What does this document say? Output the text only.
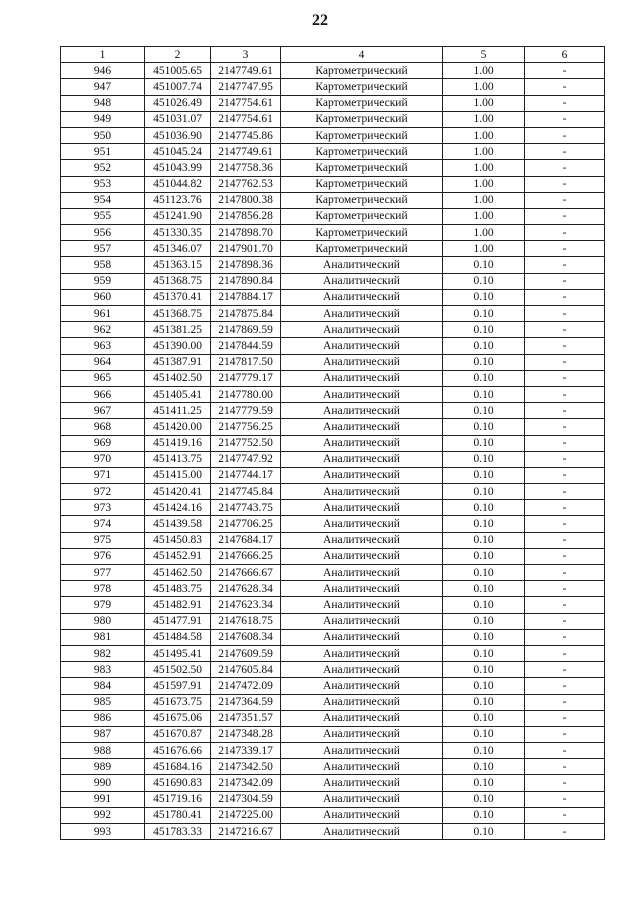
22
1	2	3	4	5	6
946	451005.65	2147749.61	Картометрический	1.00	-
947	451007.74	2147747.95	Картометрический	1.00	-
948	451026.49	2147754.61	Картометрический	1.00	-
949	451031.07	2147754.61	Картометрический	1.00	-
950	451036.90	2147745.86	Картометрический	1.00	-
951	451045.24	2147749.61	Картометрический	1.00	-
952	451043.99	2147758.36	Картометрический	1.00	-
953	451044.82	2147762.53	Картометрический	1.00	-
954	451123.76	2147800.38	Картометрический	1.00	-
955	451241.90	2147856.28	Картометрический	1.00	-
956	451330.35	2147898.70	Картометрический	1.00	-
957	451346.07	2147901.70	Картометрический	1.00	-
958	451363.15	2147898.36	Аналитический	0.10	-
959	451368.75	2147890.84	Аналитический	0.10	-
960	451370.41	2147884.17	Аналитический	0.10	-
961	451368.75	2147875.84	Аналитический	0.10	-
962	451381.25	2147869.59	Аналитический	0.10	-
963	451390.00	2147844.59	Аналитический	0.10	-
964	451387.91	2147817.50	Аналитический	0.10	-
965	451402.50	2147779.17	Аналитический	0.10	-
966	451405.41	2147780.00	Аналитический	0.10	-
967	451411.25	2147779.59	Аналитический	0.10	-
968	451420.00	2147756.25	Аналитический	0.10	-
969	451419.16	2147752.50	Аналитический	0.10	-
970	451413.75	2147747.92	Аналитический	0.10	-
971	451415.00	2147744.17	Аналитический	0.10	-
972	451420.41	2147745.84	Аналитический	0.10	-
973	451424.16	2147743.75	Аналитический	0.10	-
974	451439.58	2147706.25	Аналитический	0.10	-
975	451450.83	2147684.17	Аналитический	0.10	-
976	451452.91	2147666.25	Аналитический	0.10	-
977	451462.50	2147666.67	Аналитический	0.10	-
978	451483.75	2147628.34	Аналитический	0.10	-
979	451482.91	2147623.34	Аналитический	0.10	-
980	451477.91	2147618.75	Аналитический	0.10	-
981	451484.58	2147608.34	Аналитический	0.10	-
982	451495.41	2147609.59	Аналитический	0.10	-
983	451502.50	2147605.84	Аналитический	0.10	-
984	451597.91	2147472.09	Аналитический	0.10	-
985	451673.75	2147364.59	Аналитический	0.10	-
986	451675.06	2147351.57	Аналитический	0.10	-
987	451670.87	2147348.28	Аналитический	0.10	-
988	451676.66	2147339.17	Аналитический	0.10	-
989	451684.16	2147342.50	Аналитический	0.10	-
990	451690.83	2147342.09	Аналитический	0.10	-
991	451719.16	2147304.59	Аналитический	0.10	-
992	451780.41	2147225.00	Аналитический	0.10	-
993	451783.33	2147216.67	Аналитический	0.10	-
